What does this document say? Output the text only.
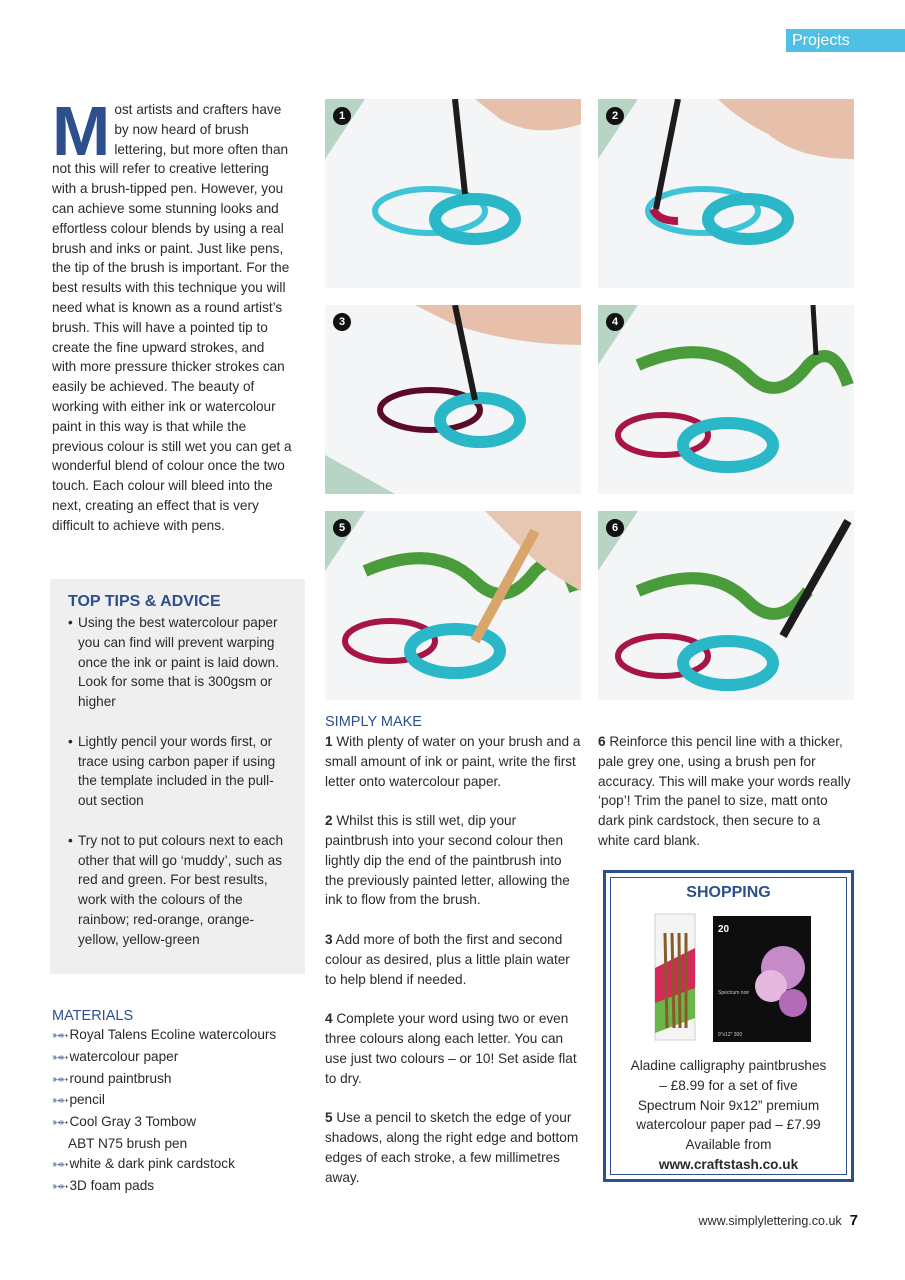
Projects
M ost artists and crafters have by now heard of brush lettering, but more often than not this will refer to creative lettering with a brush-tipped pen. However, you can achieve some stunning looks and effortless colour blends by using a real brush and inks or paint. Just like pens, the tip of the brush is important. For the best results with this technique you will need what is known as a round artist’s brush. This will have a pointed tip to create the fine upward strokes, and with more pressure thicker strokes can easily be achieved. The beauty of working with either ink or watercolour paint in this way is that while the previous colour is still wet you can get a wonderful blend of colour once the two touch. Each colour will bleed into the next, creating an effect that is very difficult to achieve with pens.
TOP TIPS & ADVICE
• Using the best watercolour paper you can find will prevent warping once the ink or paint is laid down. Look for some that is 300gsm or higher
• Lightly pencil your words first, or trace using carbon paper if using the template included in the pull-out section
• Try not to put colours next to each other that will go ‘muddy’, such as red and green. For best results, work with the colours of the rainbow; red-orange, orange-yellow, yellow-green
MATERIALS
➳➳ Royal Talens Ecoline watercolours
➳➳ watercolour paper
➳➳ round paintbrush
➳➳ pencil
➳➳ Cool Gray 3 Tombow
ABT N75 brush pen
➳➳ white & dark pink cardstock
➳➳ 3D foam pads
1	2
3	4
5	6
SIMPLY MAKE

1 With plenty of water on your brush and a small amount of ink or paint, write the first letter onto watercolour paper.

2 Whilst this is still wet, dip your paintbrush into your second colour then lightly dip the end of the paintbrush into the previously painted letter, allowing the ink to flow from the brush.

3 Add more of both the first and second colour as desired, plus a little plain water to help blend if needed.

4 Complete your word using two or even three colours along each letter. You can use just two colours – or 10! Set aside flat to dry.

5 Use a pencil to sketch the edge of your shadows, along the right edge and bottom edges of each stroke, a few millimetres away.

6 Reinforce this pencil line with a thicker, pale grey one, using a brush pen for accuracy. This will make your words really ‘pop’! Trim the panel to size, matt onto dark pink cardstock, then secure to a white card blank.

SHOPPING
20
Spectrum noir
9"x12" 300
Aladine calligraphy paintbrushes
– £8.99 for a set of five
Spectrum Noir 9x12” premium
watercolour paper pad – £7.99
Available from
www.craftstash.co.uk
www.simplylettering.co.uk 7
